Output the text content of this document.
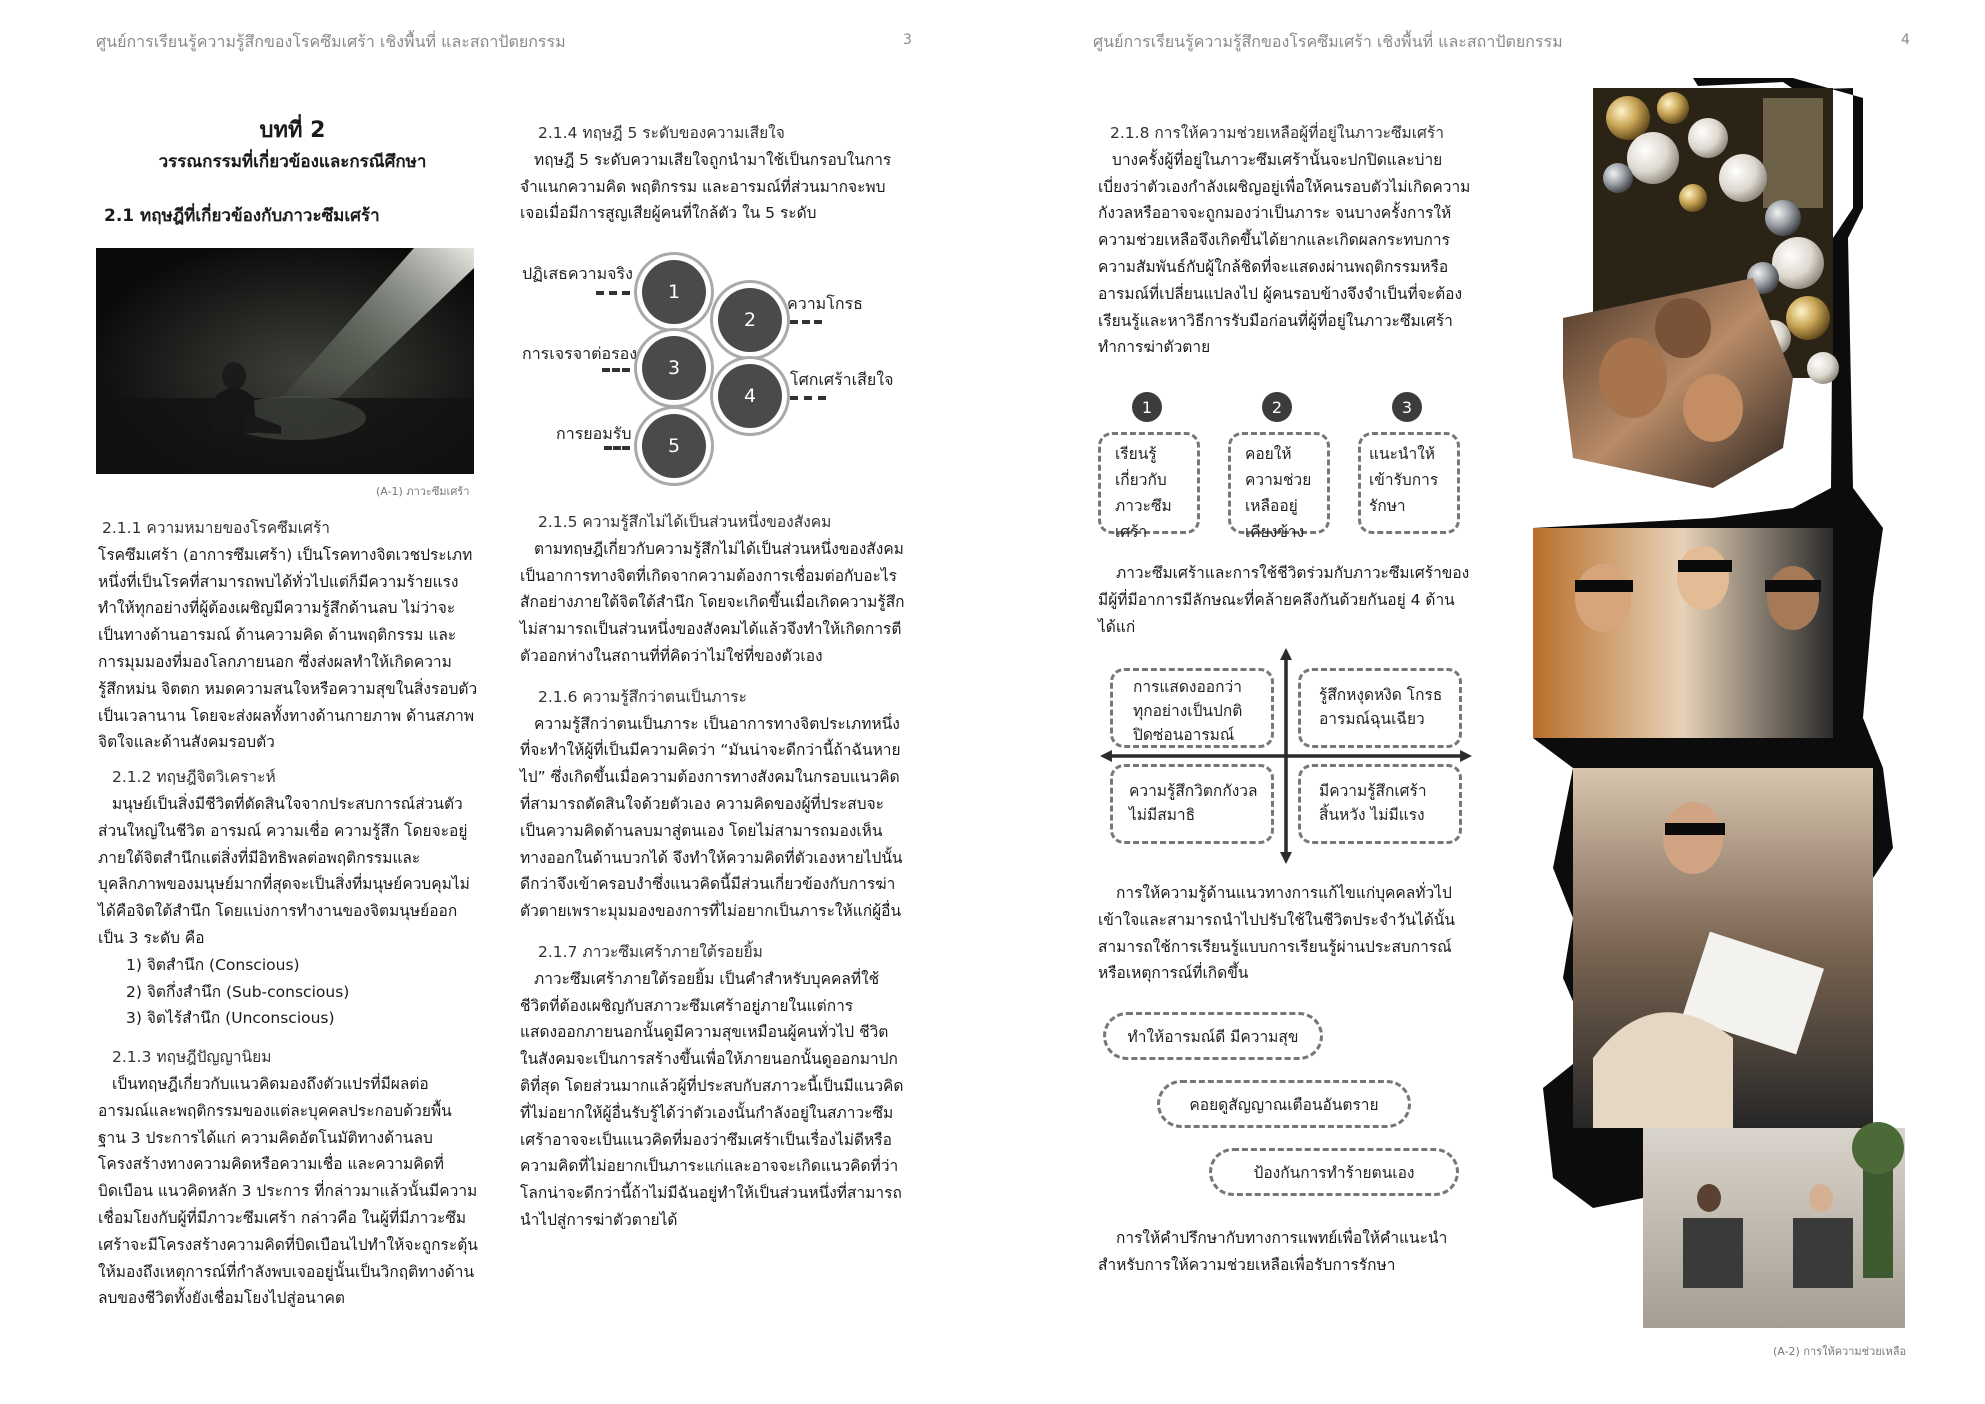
ศูนย์การเรียนรู้ความรู้สึกของโรคซึมเศร้า เชิงพื้นที่ และสถาปัตยกรรม	3
บทที่ 2
วรรณกรรมที่เกี่ยวข้องและกรณีศึกษา
2.1 ทฤษฎีที่เกี่ยวข้องกับภาวะซึมเศร้า
(A-1) ภาวะซึมเศร้า

2.1.1 ความหมายของโรคซึมเศร้า

โรคซึมเศร้า (อาการซึมเศร้า) เป็นโรคทางจิตเวชประเภทหนึ่งที่เป็นโรคที่สามารถพบได้ทั่วไปแต่ก็มีความร้ายแรงทำให้ทุกอย่างที่ผู้ต้องเผชิญมีความรู้สึกด้านลบ ไม่ว่าจะเป็นทางด้านอารมณ์ ด้านความคิด ด้านพฤติกรรม และการมุมมองที่มองโลกภายนอก ซึ่งส่งผลทำให้เกิดความรู้สึกหม่น จิตตก หมดความสนใจหรือความสุขในสิ่งรอบตัวเป็นเวลานาน โดยจะส่งผลทั้งทางด้านกายภาพ ด้านสภาพจิตใจและด้านสังคมรอบตัว

2.1.2 ทฤษฎีจิตวิเคราะห์

มนุษย์เป็นสิ่งมีชีวิตที่ตัดสินใจจากประสบการณ์ส่วนตัวส่วนใหญ่ในชีวิต อารมณ์ ความเชื่อ ความรู้สึก โดยจะอยู่ภายใต้จิตสำนึกแต่สิ่งที่มีอิทธิพลต่อพฤติกรรมและบุคลิกภาพของมนุษย์มากที่สุดจะเป็นสิ่งที่มนุษย์ควบคุมไม่ได้คือจิตใต้สำนึก โดยแบ่งการทำงานของจิตมนุษย์ออกเป็น 3 ระดับ คือ

1) จิตสำนึก (Conscious)

2) จิตกึ่งสำนึก (Sub-conscious)

3) จิตไร้สำนึก (Unconscious)

2.1.3 ทฤษฎีปัญญานิยม

เป็นทฤษฎีเกี่ยวกับแนวคิดมองถึงตัวแปรที่มีผลต่ออารมณ์และพฤติกรรมของแต่ละบุคคลประกอบด้วยพื้นฐาน 3 ประการได้แก่ ความคิดอัตโนมัติทางด้านลบ โครงสร้างทางความคิดหรือความเชื่อ และความคิดที่บิดเบือน แนวคิดหลัก 3 ประการ ที่กล่าวมาแล้วนั้นมีความเชื่อมโยงกับผู้ที่มีภาวะซึมเศร้า กล่าวคือ ในผู้ที่มีภาวะซึมเศร้าจะมีโครงสร้างความคิดที่บิดเบือนไปทำให้จะถูกระตุ้นให้มองถึงเหตุการณ์ที่กำลังพบเจออยู่นั้นเป็นวิกฤติทางด้านลบของชีวิตทั้งยังเชื่อมโยงไปสู่อนาคต

2.1.4 ทฤษฎี 5 ระดับของความเสียใจ

ทฤษฎี 5 ระดับความเสียใจถูกนำมาใช้เป็นกรอบในการจำแนกความคิด พฤติกรรม และอารมณ์ที่ส่วนมากจะพบเจอเมื่อมีการสูญเสียผู้คนที่ใกล้ตัว ใน 5 ระดับ

ปฏิเสธความจริง
1
2
ความโกรธ
การเจรจาต่อรอง
3
4
โศกเศร้าเสียใจ
การยอมรับ
5

2.1.5 ความรู้สึกไม่ได้เป็นส่วนหนึ่งของสังคม

ตามทฤษฎีเกี่ยวกับความรู้สึกไม่ได้เป็นส่วนหนึ่งของสังคมเป็นอาการทางจิตที่เกิดจากความต้องการเชื่อมต่อกับอะไรสักอย่างภายใต้จิตใต้สำนึก โดยจะเกิดขึ้นเมื่อเกิดความรู้สึกไม่สามารถเป็นส่วนหนึ่งของสังคมได้แล้วจึงทำให้เกิดการตีตัวออกห่างในสถานที่ที่คิดว่าไม่ใช่ที่ของตัวเอง

2.1.6 ความรู้สึกว่าตนเป็นภาระ

ความรู้สึกว่าตนเป็นภาระ เป็นอาการทางจิตประเภทหนึ่งที่จะทำให้ผู้ที่เป็นมีความคิดว่า “มันน่าจะดีกว่านี้ถ้าฉันหายไป” ซึ่งเกิดขึ้นเมื่อความต้องการทางสังคมในกรอบแนวคิดที่สามารถตัดสินใจด้วยตัวเอง ความคิดของผู้ที่ประสบจะเป็นความคิดด้านลบมาสู่ตนเอง โดยไม่สามารถมองเห็นทางออกในด้านบวกได้ จึงทำให้ความคิดที่ตัวเองหายไปนั้นดีกว่าจึงเข้าครอบงำซึ่งแนวคิดนี้มีส่วนเกี่ยวข้องกับการฆ่าตัวตายเพราะมุมมองของการที่ไม่อยากเป็นภาระให้แก่ผู้อื่น

2.1.7 ภาวะซึมเศร้าภายใต้รอยยิ้ม

ภาวะซึมเศร้าภายใต้รอยยิ้ม เป็นคำสำหรับบุคคลที่ใช้ชีวิตที่ต้องเผชิญกับสภาวะซึมเศร้าอยู่ภายในแต่การแสดงออกภายนอกนั้นดูมีความสุขเหมือนผู้คนทั่วไป ชีวิตในสังคมจะเป็นการสร้างขึ้นเพื่อให้ภายนอกนั้นดูออกมาปกติที่สุด โดยส่วนมากแล้วผู้ที่ประสบกับสภาวะนี้เป็นมีแนวคิดที่ไม่อยากให้ผู้อื่นรับรู้ได้ว่าตัวเองนั้นกำลังอยู่ในสภาวะซึมเศร้าอาจจะเป็นแนวคิดที่มองว่าซึมเศร้าเป็นเรื่องไม่ดีหรือความคิดที่ไม่อยากเป็นภาระแก่และอาจจะเกิดแนวคิดที่ว่าโลกน่าจะดีกว่านี้ถ้าไม่มีฉันอยู่ทำให้เป็นส่วนหนึ่งที่สามารถนำไปสู่การฆ่าตัวตายได้

ศูนย์การเรียนรู้ความรู้สึกของโรคซึมเศร้า เชิงพื้นที่ และสถาปัตยกรรม	4

2.1.8 การให้ความช่วยเหลือผู้ที่อยู่ในภาวะซึมเศร้า

บางครั้งผู้ที่อยู่ในภาวะซึมเศร้านั้นจะปกปิดและบ่ายเบี่ยงว่าตัวเองกำลังเผชิญอยู่เพื่อให้คนรอบตัวไม่เกิดความกังวลหรืออาจจะถูกมองว่าเป็นภาระ จนบางครั้งการให้ความช่วยเหลือจึงเกิดขึ้นได้ยากและเกิดผลกระทบการความสัมพันธ์กับผู้ใกล้ชิดที่จะแสดงผ่านพฤติกรรมหรืออารมณ์ที่เปลี่ยนแปลงไป ผู้คนรอบข้างจึงจำเป็นที่จะต้องเรียนรู้และหาวิธีการรับมือก่อนที่ผู้ที่อยู่ในภาวะซึมเศร้าทำการฆ่าตัวตาย

1	2	3
เรียนรู้เกี่ยวกับภาวะซึมเศร้า
คอยให้ความช่วยเหลืออยู่เคียงข้าง
แนะนำให้เข้ารับการรักษา

ภาวะซึมเศร้าและการใช้ชีวิตร่วมกับภาวะซึมเศร้าของมีผู้ที่มีอาการมีลักษณะที่คล้ายคลึงกันด้วยกันอยู่ 4 ด้าน ได้แก่

การแสดงออกว่าทุกอย่างเป็นปกติ ปิดซ่อนอารมณ์
รู้สึกหงุดหงิด โกรธ อารมณ์ฉุนเฉียว
ความรู้สึกวิตกกังวล ไม่มีสมาธิ
มีความรู้สึกเศร้า สิ้นหวัง ไม่มีแรง

การให้ความรู้ด้านแนวทางการแก้ไขแก่บุคคลทั่วไปเข้าใจและสามารถนำไปปรับใช้ในชีวิตประจำวันได้นั้นสามารถใช้การเรียนรู้แบบการเรียนรู้ผ่านประสบการณ์หรือเหตุการณ์ที่เกิดขึ้น

ทำให้อารมณ์ดี มีความสุข
คอยดูสัญญาณเตือนอันตราย
ป้องกันการทำร้ายตนเอง

การให้คำปรึกษากับทางการแพทย์เพื่อให้คำแนะนำสำหรับการให้ความช่วยเหลือเพื่อรับการรักษา

(A-2) การให้ความช่วยเหลือ
